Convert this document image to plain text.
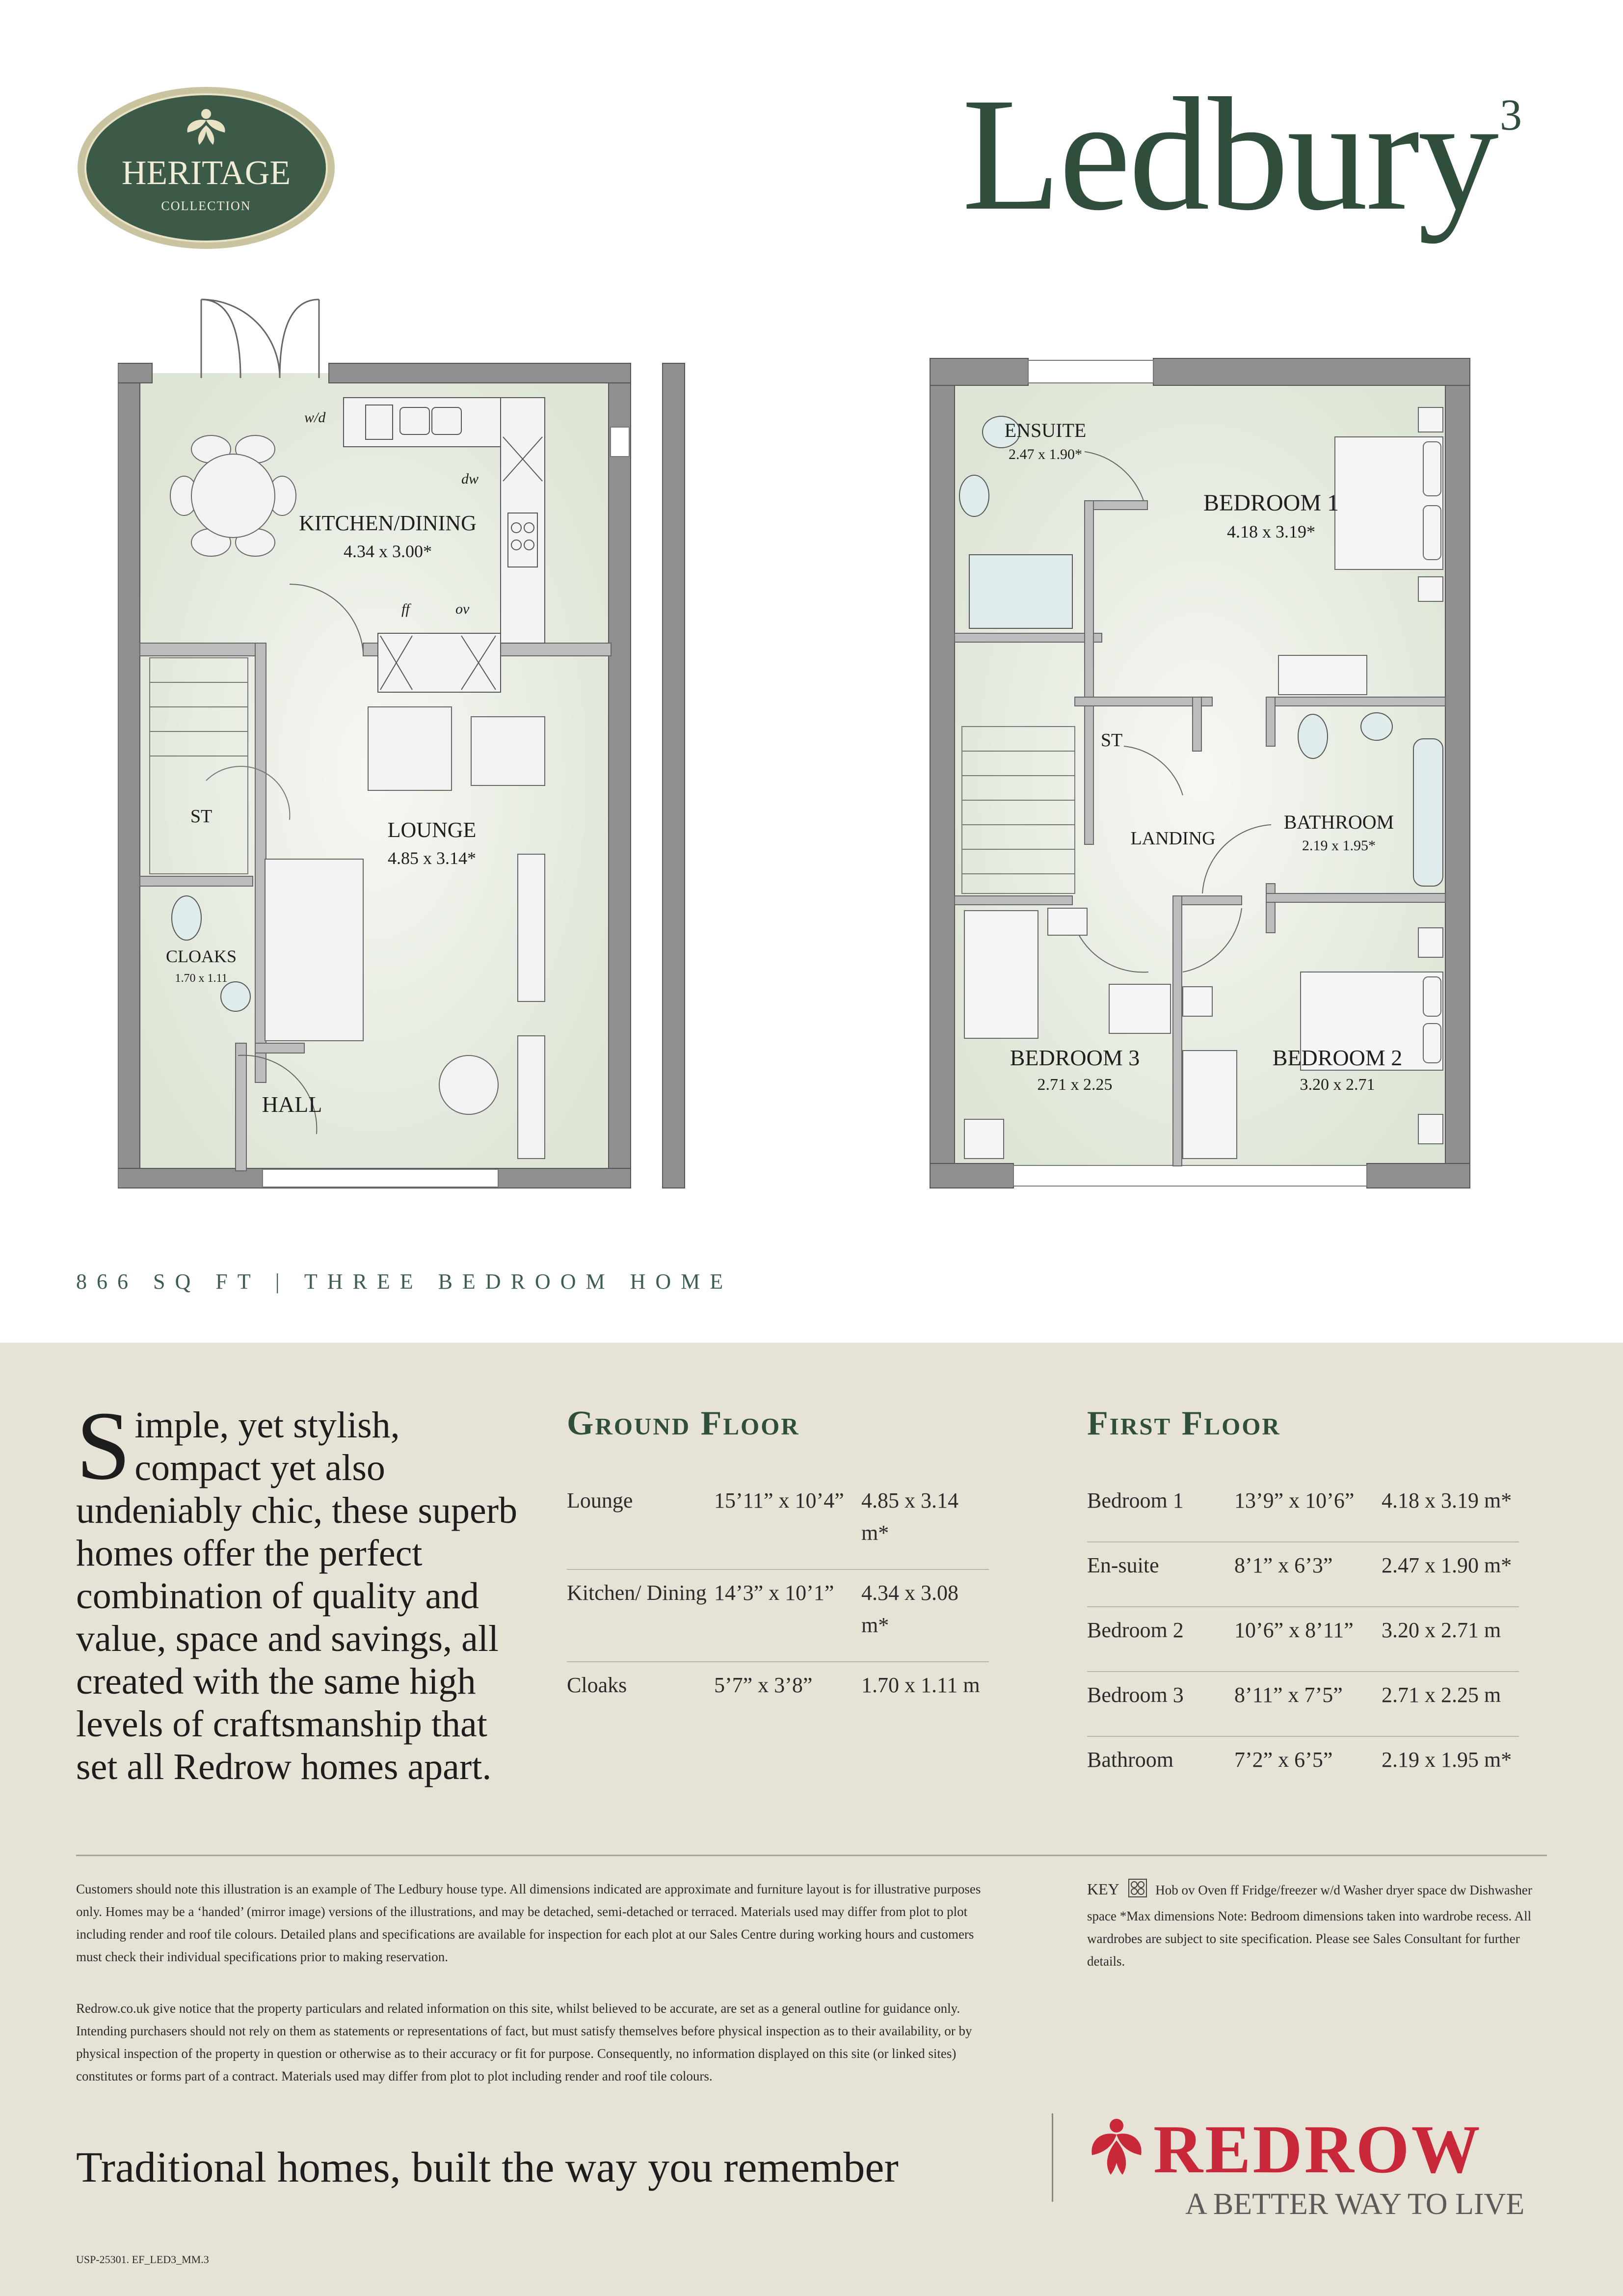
HERITAGE
COLLECTION	Ledbury$^3$
w/d
dw
ff	ov
KITCHEN/DINING
4.34 x 3.00*
LOUNGE
4.85 x 3.14*
CLOAKS
1.70 x 1.11
HALL
ST
ENSUITE
2.47 x 1.90*
BEDROOM 1
4.18 x 3.19*
ST
LANDING
BATHROOM
2.19 x 1.95*
BEDROOM 3
2.71 x 2.25
BEDROOM 2
3.20 x 2.71
866 SQ FT | THREE BEDROOM HOME
Simple, yet stylish, compact yet also undeniably chic, these superb homes offer the perfect combination of quality and value, space and savings, all created with the same high levels of craftsmanship that set all Redrow homes apart.
Ground Floor
Lounge	15’11” x 10’4”	4.85 x 3.14 m*
Kitchen/ Dining	14’3” x 10’1”	4.34 x 3.08 m*
Cloaks	5’7” x 3’8”	1.70 x 1.11 m
First Floor
Bedroom 1	13’9” x 10’6”	4.18 x 3.19 m*
En-suite	8’1” x 6’3”	2.47 x 1.90 m*
Bedroom 2	10’6” x 8’11”	3.20 x 2.71 m
Bedroom 3	8’11” x 7’5”	2.71 x 2.25 m
Bathroom	7’2” x 6’5”	2.19 x 1.95 m*
Customers should note this illustration is an example of The Ledbury house type. All dimensions indicated are approximate and furniture layout is for illustrative purposes only. Homes may be a ‘handed’ (mirror image) versions of the illustrations, and may be detached, semi-detached or terraced. Materials used may differ from plot to plot including render and roof tile colours. Detailed plans and specifications are available for inspection for each plot at our Sales Centre during working hours and customers must check their individual specifications prior to making reservation.
Redrow.co.uk give notice that the property particulars and related information on this site, whilst believed to be accurate, are set as a general outline for guidance only. Intending purchasers should not rely on them as statements or representations of fact, but must satisfy themselves before physical inspection as to their availability, or by physical inspection of the property in question or otherwise as to their accuracy or fit for purpose. Consequently, no information displayed on this site (or linked sites) constitutes or forms part of a contract. Materials used may differ from plot to plot including render and roof tile colours.
KEY	Hob ov Oven ff Fridge/freezer w/d Washer dryer space dw Dishwasher space *Max dimensions Note: Bedroom dimensions taken into wardrobe recess. All wardrobes are subject to site specification. Please see Sales Consultant for further details.
Traditional homes, built the way you remember	REDROW
A BETTER WAY TO LIVE
USP-25301. EF_LED3_MM.3
